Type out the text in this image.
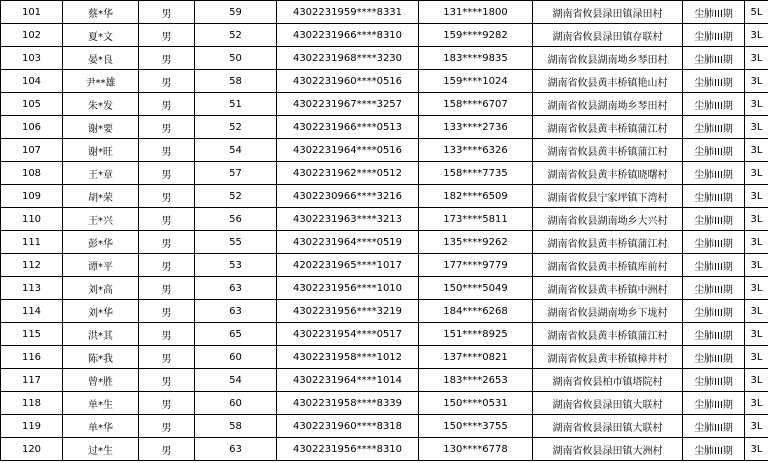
101	蔡*华	男	59	4302231959****8331	131****1800	湖南省攸县渌田镇渌田村	尘肺III期	5L
102	夏*文	男	52	4302231966****8310	159****9282	湖南省攸县渌田镇存联村	尘肺III期	3L
103	晏*良	男	50	4302231968****3230	183****9835	湖南省攸县湖南坳乡琴田村	尘肺III期	3L
104	尹**雄	男	58	4302231960****0516	159****1024	湖南省攸县黄丰桥镇艳山村	尘肺III期	3L
105	朱*发	男	51	4302231967****3257	158****6707	湖南省攸县湖南坳乡琴田村	尘肺III期	3L
106	谢*要	男	52	4302231966****0513	133****2736	湖南省攸县黄丰桥镇蒲江村	尘肺III期	3L
107	谢*旺	男	54	4302231964****0516	133****6326	湖南省攸县黄丰桥镇蒲江村	尘肺III期	3L
108	王*章	男	57	4302231962****0512	158****7735	湖南省攸县黄丰桥镇晓曙村	尘肺III期	3L
109	胡*荣	男	52	4302230966****3216	182****6509	湖南省攸县宁家坪镇下湾村	尘肺III期	3L
110	王*兴	男	56	4302231963****3213	173****5811	湖南省攸县湖南坳乡大兴村	尘肺III期	3L
111	彭*华	男	55	4302231964****0519	135****9262	湖南省攸县黄丰桥镇蒲江村	尘肺III期	3L
112	谭*平	男	53	4202231965****1017	177****9779	湖南省攸县黄丰桥镇库前村	尘肺III期	3L
113	刘*高	男	63	4302231956****1010	150****5049	湖南省攸县黄丰桥镇中洲村	尘肺III期	3L
114	刘*华	男	63	4302231956****3219	184****6268	湖南省攸县湖南坳乡下垅村	尘肺III期	3L
115	洪*其	男	65	4302231954****0517	151****8925	湖南省攸县黄丰桥镇蒲江村	尘肺III期	3L
116	陈*我	男	60	4302231958****1012	137****0821	湖南省攸县黄丰桥镇樟井村	尘肺III期	3L
117	曾*胜	男	54	4302231964****1014	183****2653	湖南省攸县柏市镇塔院村	尘肺III期	3L
118	单*生	男	60	4302231958****8339	150****0531	湖南省攸县渌田镇大联村	尘肺III期	3L
119	单*华	男	58	4302231960****8318	150****3755	湖南省攸县渌田镇大联村	尘肺III期	3L
120	过*生	男	63	4302231956****8310	130****6778	湖南省攸县渌田镇大洲村	尘肺III期	3L
